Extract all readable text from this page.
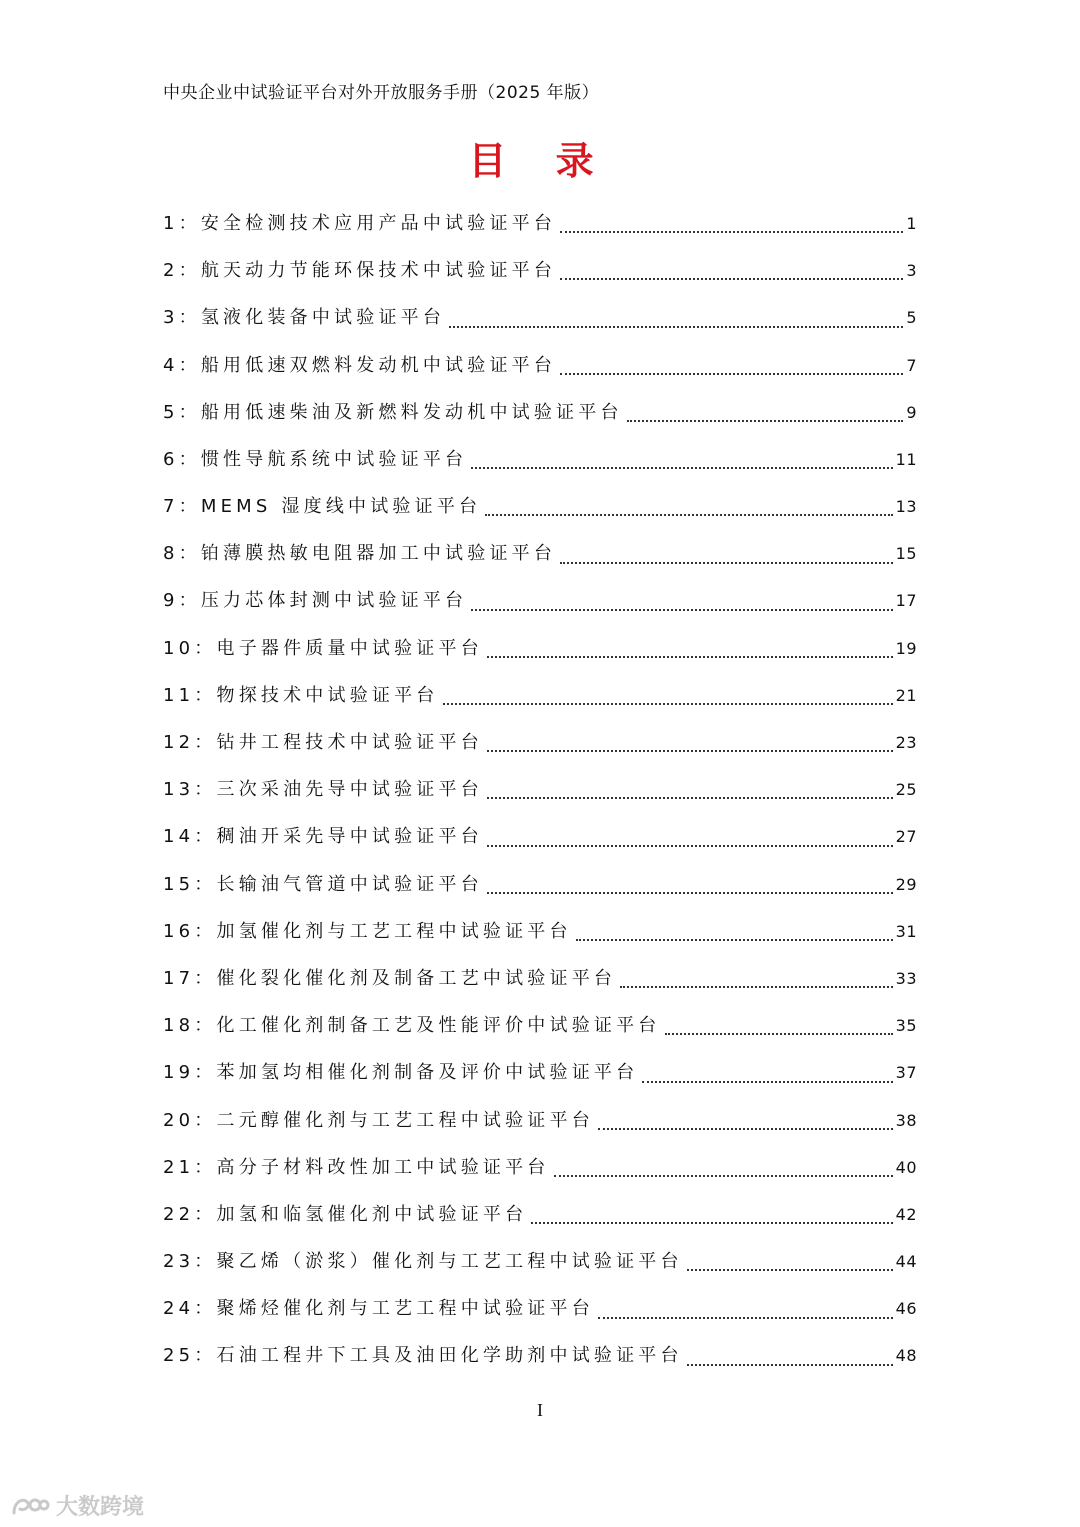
中央企业中试验证平台对外开放服务手册（2025 年版）
目 录
1：安全检测技术应用产品中试验证平台	1
2：航天动力节能环保技术中试验证平台	3
3：氢液化装备中试验证平台	5
4：船用低速双燃料发动机中试验证平台	7
5：船用低速柴油及新燃料发动机中试验证平台	9
6：惯性导航系统中试验证平台	11
7：MEMS 湿度线中试验证平台	13
8：铂薄膜热敏电阻器加工中试验证平台	15
9：压力芯体封测中试验证平台	17
10：电子器件质量中试验证平台	19
11：物探技术中试验证平台	21
12：钻井工程技术中试验证平台	23
13：三次采油先导中试验证平台	25
14：稠油开采先导中试验证平台	27
15：长输油气管道中试验证平台	29
16：加氢催化剂与工艺工程中试验证平台	31
17：催化裂化催化剂及制备工艺中试验证平台	33
18：化工催化剂制备工艺及性能评价中试验证平台	35
19：苯加氢均相催化剂制备及评价中试验证平台	37
20：二元醇催化剂与工艺工程中试验证平台	38
21：高分子材料改性加工中试验证平台	40
22：加氢和临氢催化剂中试验证平台	42
23：聚乙烯（淤浆）催化剂与工艺工程中试验证平台	44
24：聚烯烃催化剂与工艺工程中试验证平台	46
25：石油工程井下工具及油田化学助剂中试验证平台	48
I
大数跨境
